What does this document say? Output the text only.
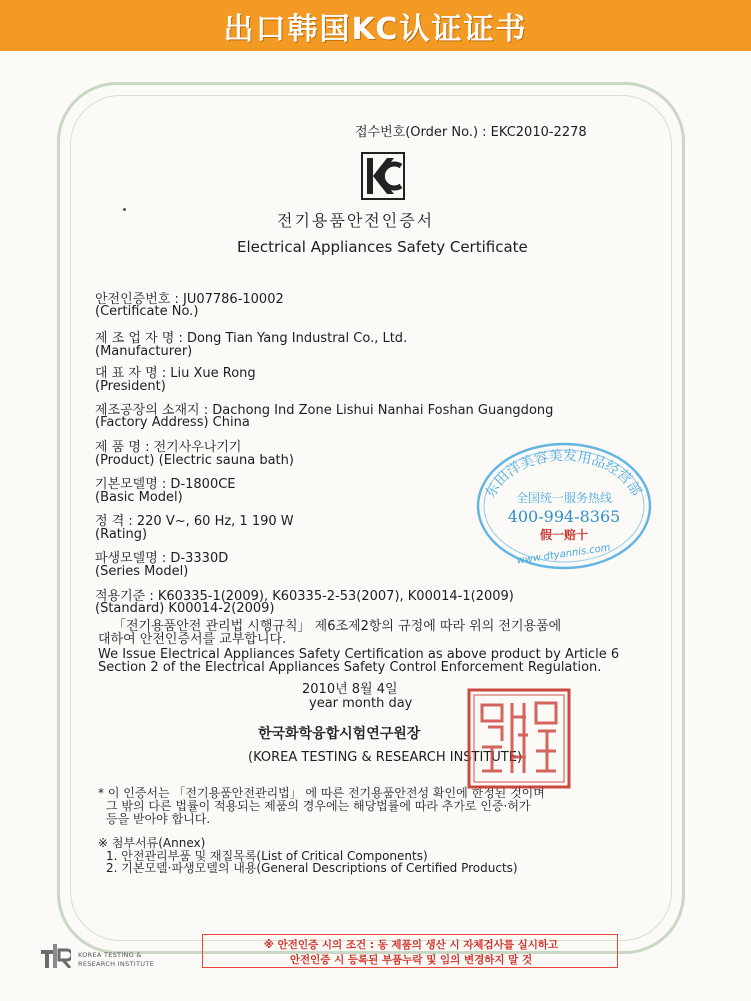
出口韩国KC认证证书
접수번호(Order No.) : EKC2010-2278
전기용품안전인증서
Electrical Appliances Safety Certificate
안전인증번호 : JU07786-10002
(Certificate No.)
제 조 업 자 명 : Dong Tian Yang Industral Co., Ltd.
(Manufacturer)
대 표 자 명 : Liu Xue Rong
(President)
제조공장의 소재지 : Dachong Ind Zone Lishui Nanhai Foshan Guangdong
(Factory Address) China
제 품 명 : 전기사우나기기
(Product) (Electric sauna bath)
기본모델명 : D-1800CE
(Basic Model)
정 격 : 220 V~, 60 Hz, 1 190 W
(Rating)
파생모델명 : D-3330D
(Series Model)
적용기준 : K60335-1(2009), K60335-2-53(2007), K00014-1(2009)
(Standard) K00014-2(2009)
「전기용품안전 관리법 시행규칙」 제6조제2항의 규정에 따라 위의 전기용품에
대하여 안전인증서를 교부합니다.
We Issue Electrical Appliances Safety Certification as above product by Article 6
Section 2 of the Electrical Appliances Safety Control Enforcement Regulation.
2010년 8월 4일
year month day
한국화학융합시험연구원장
(KOREA TESTING & RESEARCH INSTITUTE)
* 이 인증서는 「전기용품안전관리법」 에 따른 전기용품안전성 확인에 한정된 것이며
그 밖의 다른 법률이 적용되는 제품의 경우에는 해당법률에 따라 추가로 인증·허가
등을 받아야 합니다.
※ 첨부서류(Annex)
1. 안전관리부품 및 재질목록(List of Critical Components)
2. 기본모델·파생모델의 내용(General Descriptions of Certified Products)
东田洋美容美发用品经营部
全国统一服务热线
400-994-8365
假一赔十
www.dtyannis.com
※ 안전인증 시의 조건 : 동 제품의 생산 시 자체검사를 실시하고
안전인증 시 등록된 부품누락 및 임의 변경하지 말 것
KOREA TESTING &
RESEARCH INSTITUTE
